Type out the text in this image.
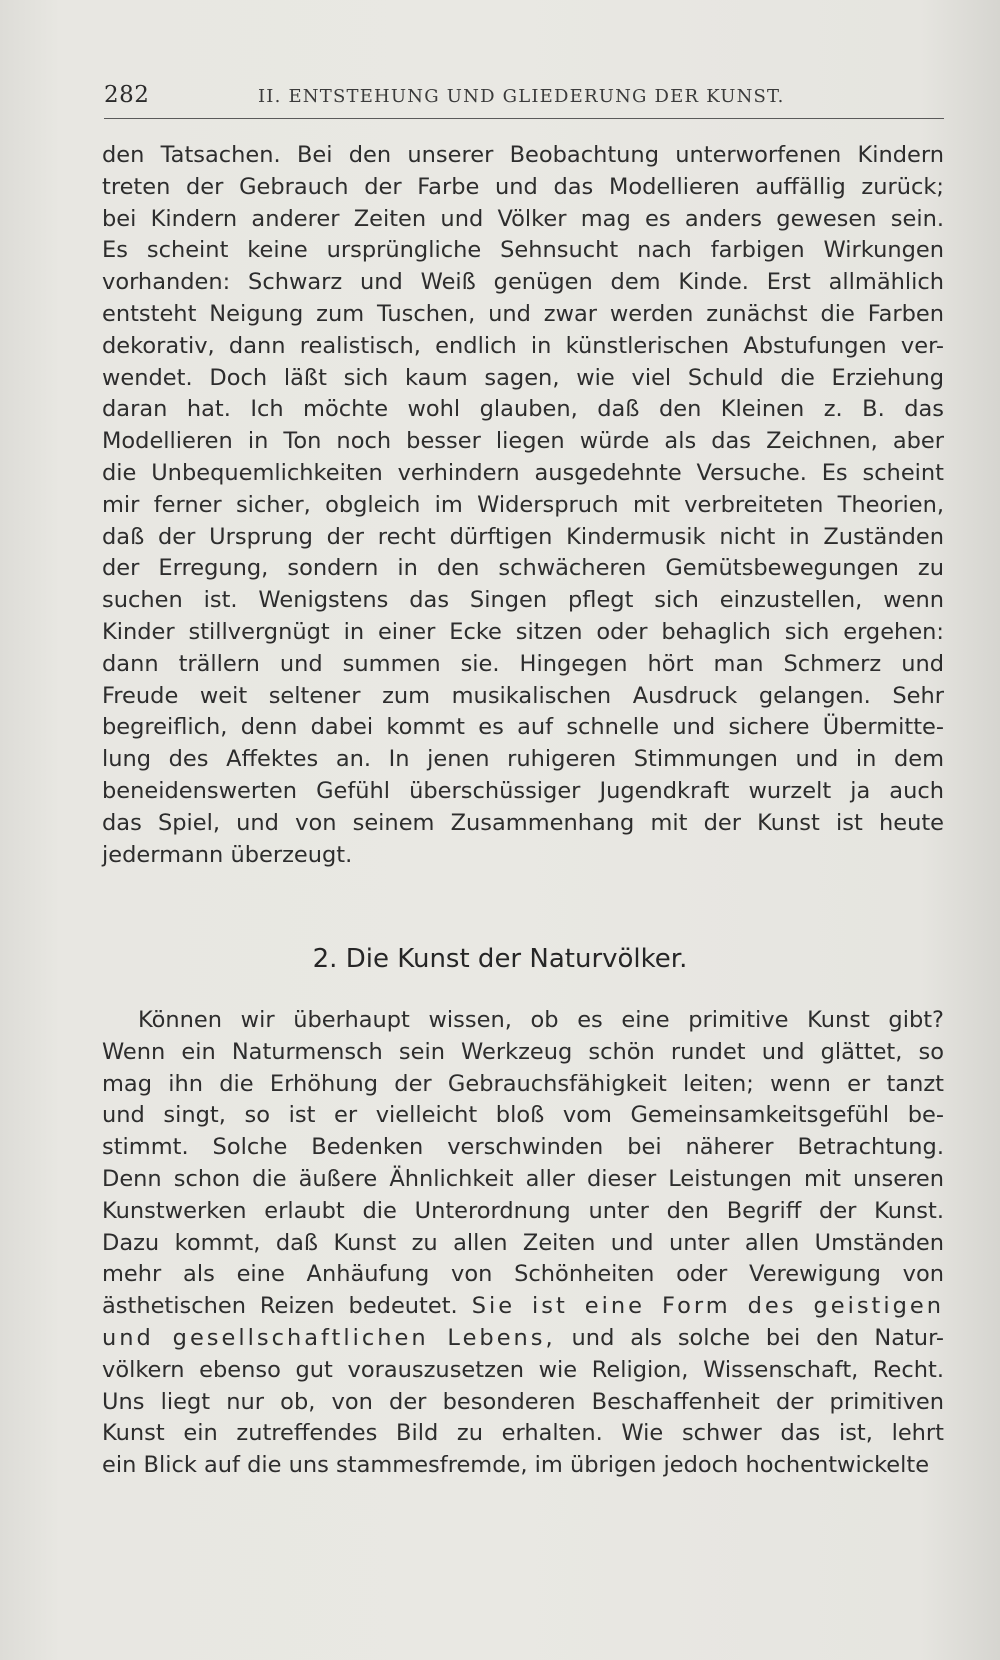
282	II. ENTSTEHUNG UND GLIEDERUNG DER KUNST.
den Tatsachen. Bei den unserer Beobachtung unterworfenen Kindern
treten der Gebrauch der Farbe und das Modellieren auffällig zurück;
bei Kindern anderer Zeiten und Völker mag es anders gewesen sein.
Es scheint keine ursprüngliche Sehnsucht nach farbigen Wirkungen
vorhanden: Schwarz und Weiß genügen dem Kinde. Erst allmählich
entsteht Neigung zum Tuschen, und zwar werden zunächst die Farben
dekorativ, dann realistisch, endlich in künstlerischen Abstufungen ver-
wendet. Doch läßt sich kaum sagen, wie viel Schuld die Erziehung
daran hat. Ich möchte wohl glauben, daß den Kleinen z. B. das
Modellieren in Ton noch besser liegen würde als das Zeichnen, aber
die Unbequemlichkeiten verhindern ausgedehnte Versuche. Es scheint
mir ferner sicher, obgleich im Widerspruch mit verbreiteten Theorien,
daß der Ursprung der recht dürftigen Kindermusik nicht in Zuständen
der Erregung, sondern in den schwächeren Gemütsbewegungen zu
suchen ist. Wenigstens das Singen pflegt sich einzustellen, wenn
Kinder stillvergnügt in einer Ecke sitzen oder behaglich sich ergehen:
dann trällern und summen sie. Hingegen hört man Schmerz und
Freude weit seltener zum musikalischen Ausdruck gelangen. Sehr
begreiflich, denn dabei kommt es auf schnelle und sichere Übermitte-
lung des Affektes an. In jenen ruhigeren Stimmungen und in dem
beneidenswerten Gefühl überschüssiger Jugendkraft wurzelt ja auch
das Spiel, und von seinem Zusammenhang mit der Kunst ist heute
jedermann überzeugt.
2. Die Kunst der Naturvölker.
Können wir überhaupt wissen, ob es eine primitive Kunst gibt?
Wenn ein Naturmensch sein Werkzeug schön rundet und glättet, so
mag ihn die Erhöhung der Gebrauchsfähigkeit leiten; wenn er tanzt
und singt, so ist er vielleicht bloß vom Gemeinsamkeitsgefühl be-
stimmt. Solche Bedenken verschwinden bei näherer Betrachtung.
Denn schon die äußere Ähnlichkeit aller dieser Leistungen mit unseren
Kunstwerken erlaubt die Unterordnung unter den Begriff der Kunst.
Dazu kommt, daß Kunst zu allen Zeiten und unter allen Umständen
mehr als eine Anhäufung von Schönheiten oder Verewigung von
ästhetischen Reizen bedeutet. Sie ist eine Form des geistigen
und gesellschaftlichen Lebens, und als solche bei den Natur-
völkern ebenso gut vorauszusetzen wie Religion, Wissenschaft, Recht.
Uns liegt nur ob, von der besonderen Beschaffenheit der primitiven
Kunst ein zutreffendes Bild zu erhalten. Wie schwer das ist, lehrt
ein Blick auf die uns stammesfremde, im übrigen jedoch hochentwickelte
